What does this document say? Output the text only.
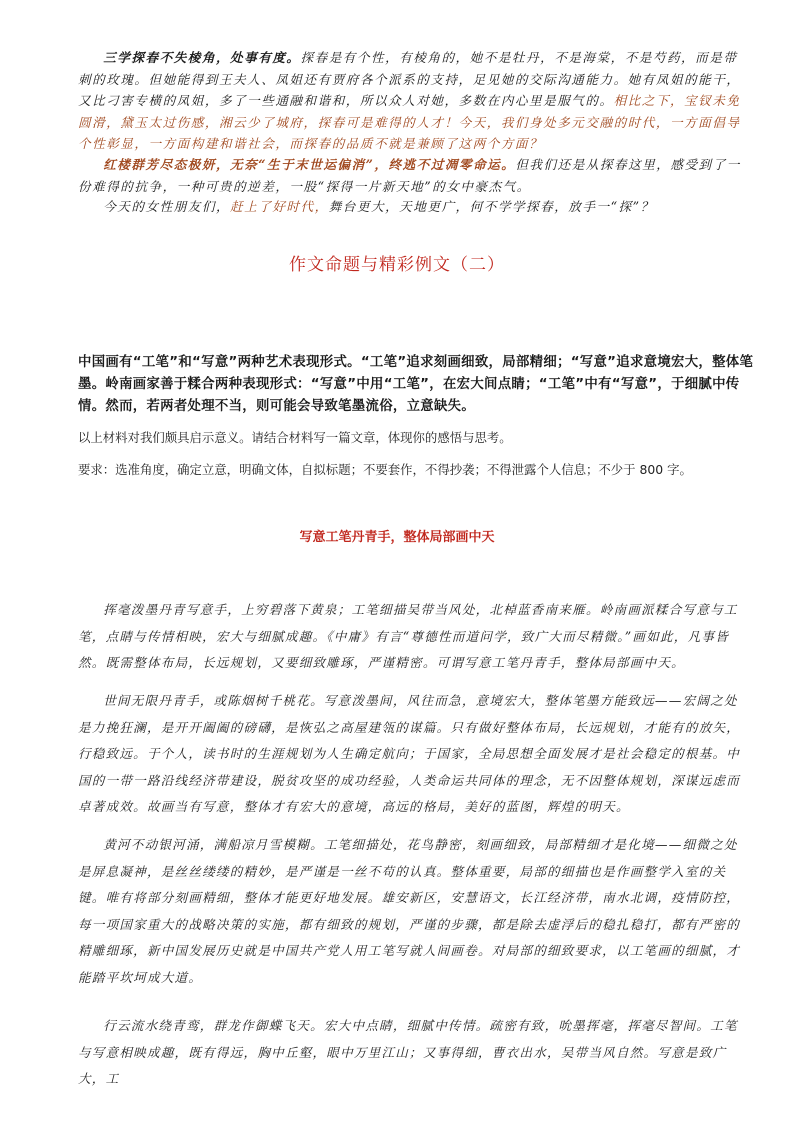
三学探春不失棱角，处事有度。探春是有个性，有棱角的，她不是牡丹，不是海棠，不是芍药，而是带刺的玫瑰。但她能得到王夫人、凤姐还有贾府各个派系的支持，足见她的交际沟通能力。她有凤姐的能干，又比刁害专横的凤姐，多了一些通融和谐和，所以众人对她，多数在内心里是服气的。相比之下，宝钗未免圆滑，黛玉太过伤感，湘云少了城府，探春可是难得的人才！今天，我们身处多元交融的时代，一方面倡导个性彰显，一方面构建和谐社会，而探春的品质不就是兼顾了这两个方面？

红楼群芳尽态极妍，无奈“生于末世运偏消”，终逃不过凋零命运。但我们还是从探春这里，感受到了一份难得的抗争，一种可贵的逆差，一股“探得一片新天地”的女中豪杰气。

今天的女性朋友们，赶上了好时代，舞台更大，天地更广，何不学学探春，放手一“探”？

作文命题与精彩例文（二）

中国画有“工笔”和“写意”两种艺术表现形式。“工笔”追求刻画细致，局部精细；“写意”追求意境宏大，整体笔墨。岭南画家善于糅合两种表现形式：“写意”中用“工笔”，在宏大间点睛；“工笔”中有“写意”，于细腻中传情。然而，若两者处理不当，则可能会导致笔墨流俗，立意缺失。

以上材料对我们颇具启示意义。请结合材料写一篇文章，体现你的感悟与思考。

要求：选准角度，确定立意，明确文体，自拟标题；不要套作，不得抄袭；不得泄露个人信息；不少于 800 字。

写意工笔丹青手，整体局部画中天

挥毫泼墨丹青写意手，上穷碧落下黄泉；工笔细描吴带当风处，北棹蓝香南来雁。岭南画派糅合写意与工笔，点睛与传情相映，宏大与细腻成趣。《中庸》有言“尊德性而道问学，致广大而尽精微。”画如此，凡事皆然。既需整体布局，长远规划，又要细致雕琢，严谨精密。可谓写意工笔丹青手，整体局部画中天。

世间无限丹青手，或陈烟树千桃花。写意泼墨间，风往而急，意境宏大，整体笔墨方能致远——宏阔之处是力挽狂澜，是开开阖阖的磅礴，是恢弘之高屋建瓴的谋篇。只有做好整体布局，长远规划，才能有的放矢，行稳致远。于个人，读书时的生涯规划为人生确定航向；于国家，全局思想全面发展才是社会稳定的根基。中国的一带一路沿线经济带建设，脱贫攻坚的成功经验，人类命运共同体的理念，无不因整体规划，深谋远虑而卓著成效。故画当有写意，整体才有宏大的意境，高远的格局，美好的蓝图，辉煌的明天。

黄河不动银河涌，满船凉月雪模糊。工笔细描处，花鸟静密，刻画细致，局部精细才是化境——细微之处是屏息凝神，是丝丝缕缕的精妙，是严谨是一丝不苟的认真。整体重要，局部的细描也是作画整学入室的关键。唯有将部分刻画精细，整体才能更好地发展。雄安新区，安慧语文，长江经济带，南水北调，疫情防控，每一项国家重大的战略决策的实施，都有细致的规划，严谨的步骤，都是除去虚浮后的稳扎稳打，都有严密的精雕细琢，新中国发展历史就是中国共产党人用工笔写就人间画卷。对局部的细致要求，以工笔画的细腻，才能踏平坎坷成大道。

行云流水绕青鸾，群龙作御蝶飞天。宏大中点睛，细腻中传情。疏密有致，吮墨挥毫，挥毫尽智间。工笔与写意相映成趣，既有得远，胸中丘壑，眼中万里江山；又事得细，曹衣出水，吴带当风自然。写意是致广大，工
